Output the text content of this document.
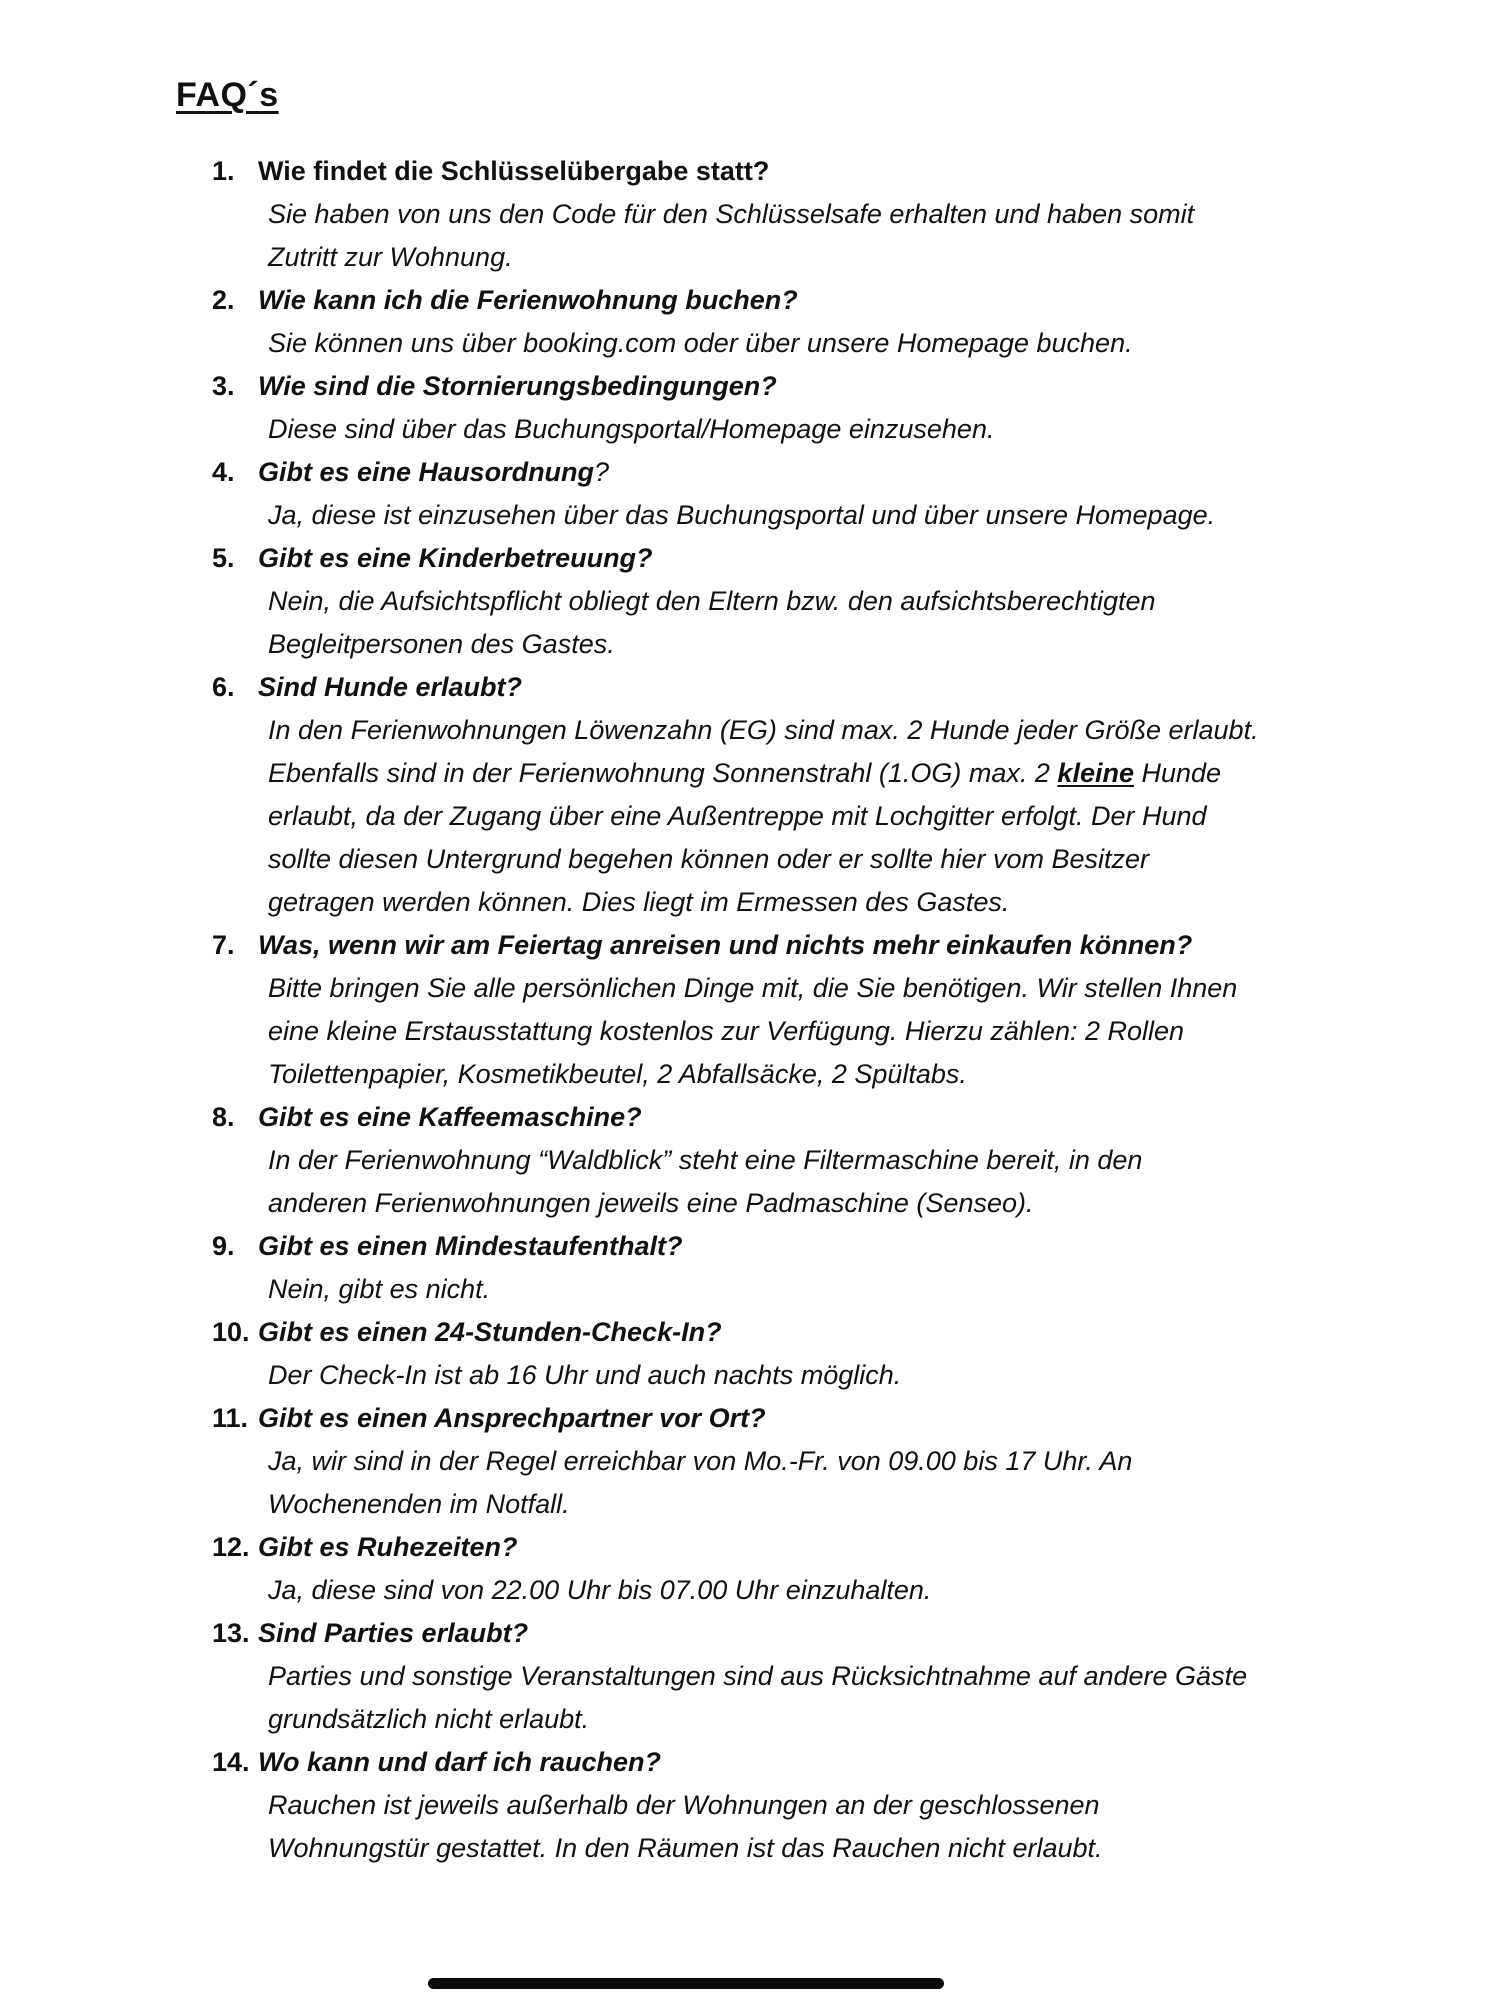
FAQ´s
1. Wie findet die Schlüsselübergabe statt?
Sie haben von uns den Code für den Schlüsselsafe erhalten und haben somit
Zutritt zur Wohnung.
2. Wie kann ich die Ferienwohnung buchen?
Sie können uns über booking.com oder über unsere Homepage buchen.
3. Wie sind die Stornierungsbedingungen?
Diese sind über das Buchungsportal/Homepage einzusehen.
4. Gibt es eine Hausordnung?
Ja, diese ist einzusehen über das Buchungsportal und über unsere Homepage.
5. Gibt es eine Kinderbetreuung?
Nein, die Aufsichtspflicht obliegt den Eltern bzw. den aufsichtsberechtigten
Begleitpersonen des Gastes.
6. Sind Hunde erlaubt?
In den Ferienwohnungen Löwenzahn (EG) sind max. 2 Hunde jeder Größe erlaubt.
Ebenfalls sind in der Ferienwohnung Sonnenstrahl (1.OG) max. 2 kleine Hunde
erlaubt, da der Zugang über eine Außentreppe mit Lochgitter erfolgt. Der Hund
sollte diesen Untergrund begehen können oder er sollte hier vom Besitzer
getragen werden können. Dies liegt im Ermessen des Gastes.
7. Was, wenn wir am Feiertag anreisen und nichts mehr einkaufen können?
Bitte bringen Sie alle persönlichen Dinge mit, die Sie benötigen. Wir stellen Ihnen
eine kleine Erstausstattung kostenlos zur Verfügung. Hierzu zählen: 2 Rollen
Toilettenpapier, Kosmetikbeutel, 2 Abfallsäcke, 2 Spültabs.
8. Gibt es eine Kaffeemaschine?
In der Ferienwohnung “Waldblick” steht eine Filtermaschine bereit, in den
anderen Ferienwohnungen jeweils eine Padmaschine (Senseo).
9. Gibt es einen Mindestaufenthalt?
Nein, gibt es nicht.
10. Gibt es einen 24-Stunden-Check-In?
Der Check-In ist ab 16 Uhr und auch nachts möglich.
11. Gibt es einen Ansprechpartner vor Ort?
Ja, wir sind in der Regel erreichbar von Mo.-Fr. von 09.00 bis 17 Uhr. An
Wochenenden im Notfall.
12. Gibt es Ruhezeiten?
Ja, diese sind von 22.00 Uhr bis 07.00 Uhr einzuhalten.
13. Sind Parties erlaubt?
Parties und sonstige Veranstaltungen sind aus Rücksichtnahme auf andere Gäste
grundsätzlich nicht erlaubt.
14. Wo kann und darf ich rauchen?
Rauchen ist jeweils außerhalb der Wohnungen an der geschlossenen
Wohnungstür gestattet. In den Räumen ist das Rauchen nicht erlaubt.
